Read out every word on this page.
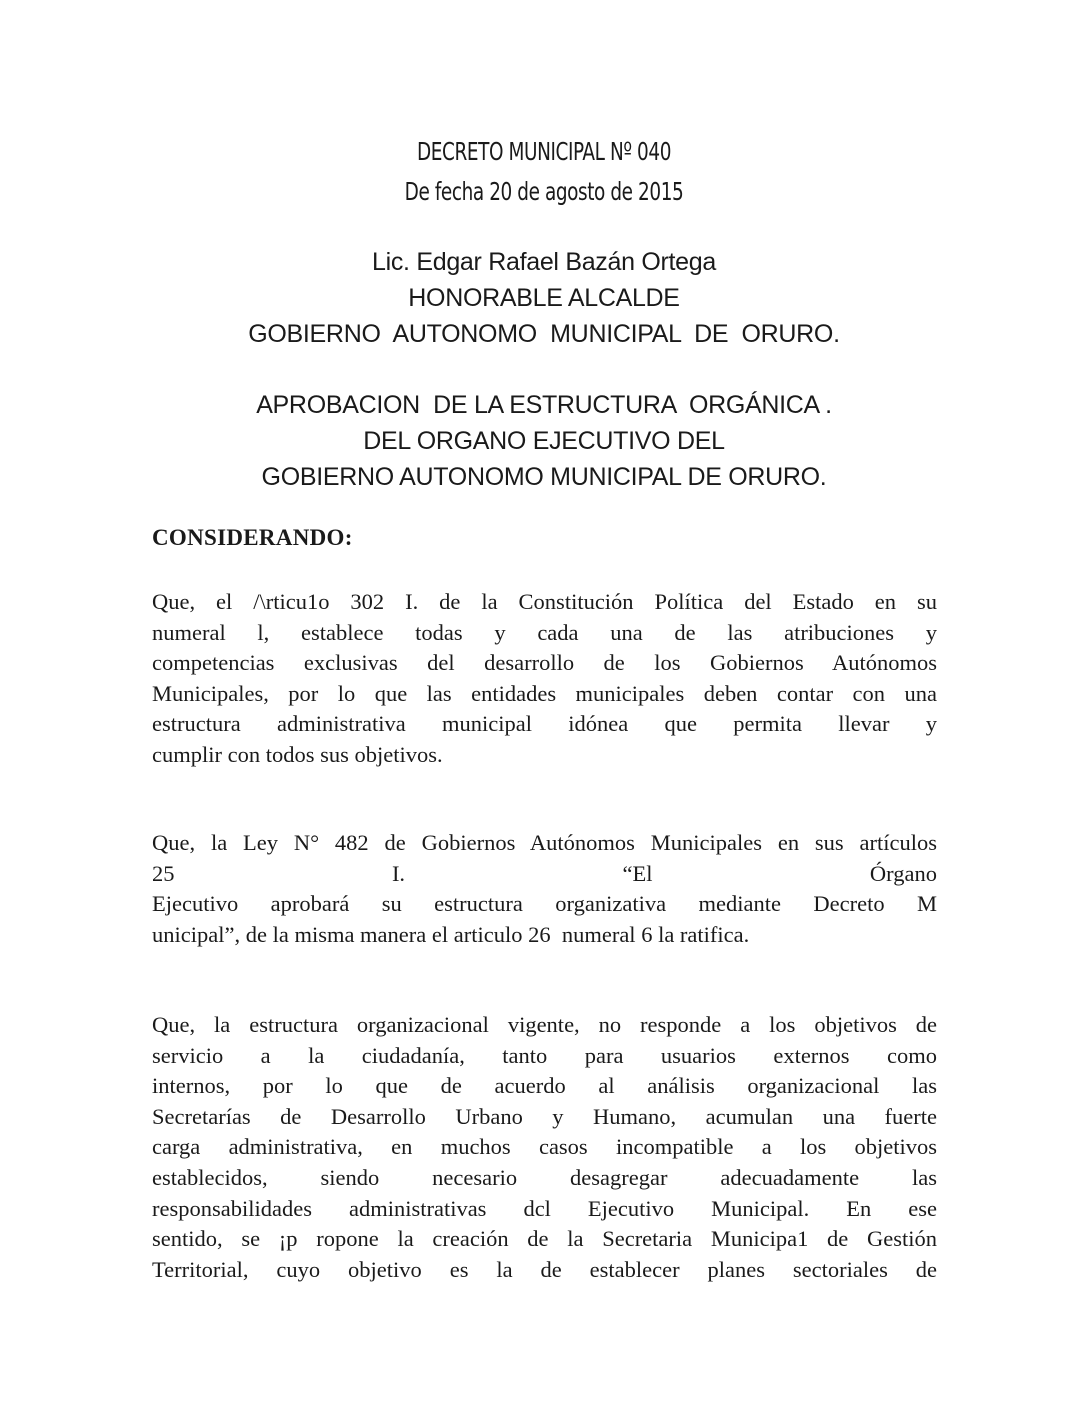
DECRETO MUNICIPAL Nº 040
De fecha 20 de agosto de 2015
Lic. Edgar Rafael Bazán Ortega
HONORABLE ALCALDE
GOBIERNO  AUTONOMO  MUNICIPAL  DE  ORURO.
APROBACION  DE LA ESTRUCTURA  ORGÁNICA .
DEL ORGANO EJECUTIVO DEL
GOBIERNO AUTONOMO MUNICIPAL DE ORURO.
CONSIDERANDO:
Que, el /\rticu1o 302 I. de la Constitución Política del Estado en su
numeral l, establece todas y cada una de las atribuciones y
competencias exclusivas del desarrollo de los Gobiernos Autónomos
Municipales, por lo que las entidades municipales deben contar con una
estructura administrativa municipal idónea que permita llevar y
cumplir con todos sus objetivos.
Que, la Ley N° 482 de Gobiernos Autónomos Municipales en sus artículos
25	I.	“El	Órgano
Ejecutivo aprobará su estructura organizativa mediante Decreto M
unicipal”, de la misma manera el articulo 26  numeral 6 la ratifica.
Que, la estructura organizacional vigente, no responde a los objetivos de
servicio a la ciudadanía, tanto para usuarios externos como
internos, por lo que de acuerdo al análisis organizacional las
Secretarías de Desarrollo Urbano y Humano, acumulan una fuerte
carga administrativa, en muchos casos incompatible a los objetivos
establecidos, siendo necesario desagregar adecuadamente las
responsabilidades administrativas dcl Ejecutivo Municipal. En ese
sentido, se ¡p ropone la creación de la Secretaria Municipa1 de Gestión
Territorial, cuyo objetivo es la de establecer planes sectoriales de
